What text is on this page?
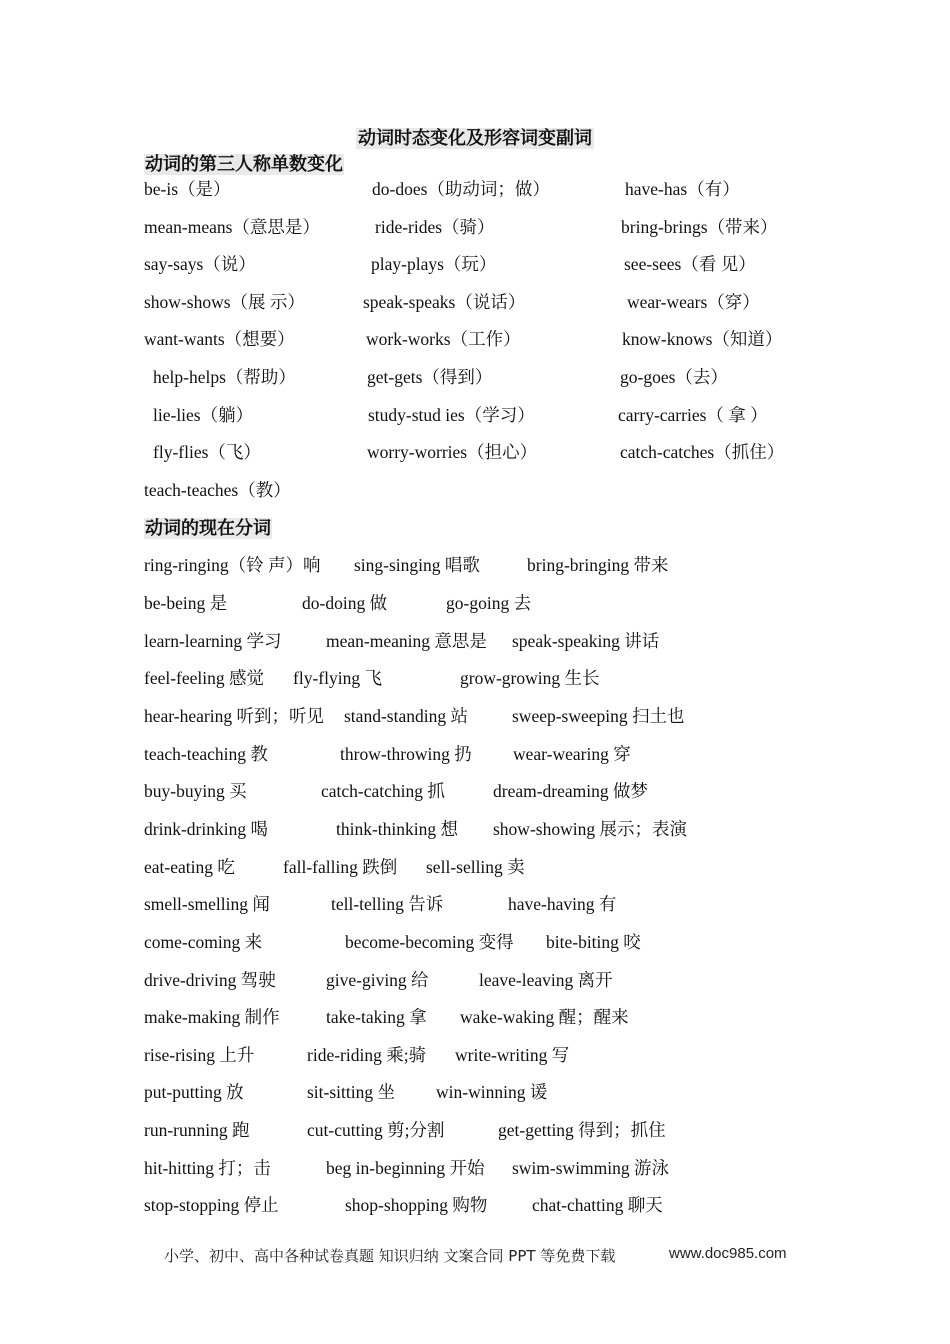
动词时态变化及形容词变副词
动词的第三人称单数变化
be-is（是）	do-does（助动词；做）	have-has（有）
mean-means（意思是）	ride-rides（骑）	bring-brings（带来）
say-says（说）	play-plays（玩）	see-sees（看 见）
show-shows（展 示）	speak-speaks（说话）	wear-wears（穿）
want-wants（想要）	work-works（工作）	know-knows（知道）
help-helps（帮助）	get-gets（得到）	go-goes（去）
lie-lies（躺）	study-stud ies（学习）	carry-carries（ 拿 ）
fly-flies（飞）	worry-worries（担心）	catch-catches（抓住）
teach-teaches（教）
动词的现在分词
ring-ringing（铃 声）响 sing-singing 唱歌	bring-bringing 带来
be-being 是	do-doing 做	go-going 去
learn-learning 学习	mean-meaning 意思是 speak-speaking 讲话
feel-feeling 感觉 fly-flying 飞	grow-growing 生长
hear-hearing 听到；听见 stand-standing 站	sweep-sweeping 扫土也
teach-teaching 教	throw-throwing 扔 wear-wearing 穿
buy-buying 买	catch-catching 抓	dream-dreaming 做梦
drink-drinking 喝	think-thinking 想 show-showing 展示；表演
eat-eating 吃	fall-falling 跌倒 sell-selling 卖
smell-smelling 闻	tell-telling 告诉	have-having 有
come-coming 来	become-becoming 变得 bite-biting 咬
drive-driving 驾驶	give-giving 给	leave-leaving 离开
make-making 制作	take-taking 拿 wake-waking 醒；醒来
rise-rising 上升	ride-riding 乘;骑 write-writing 写
put-putting 放	sit-sitting 坐 win-winning 谖
run-running 跑	cut-cutting 剪;分割	get-getting 得到；抓住
hit-hitting 打；击	beg in-beginning 开始 swim-swimming 游泳
stop-stopping 停止	shop-shopping 购物	chat-chatting 聊天
小学、初中、高中各种试卷真题 知识归纳 文案合同 PPT 等免费下载	www.doc985.com
